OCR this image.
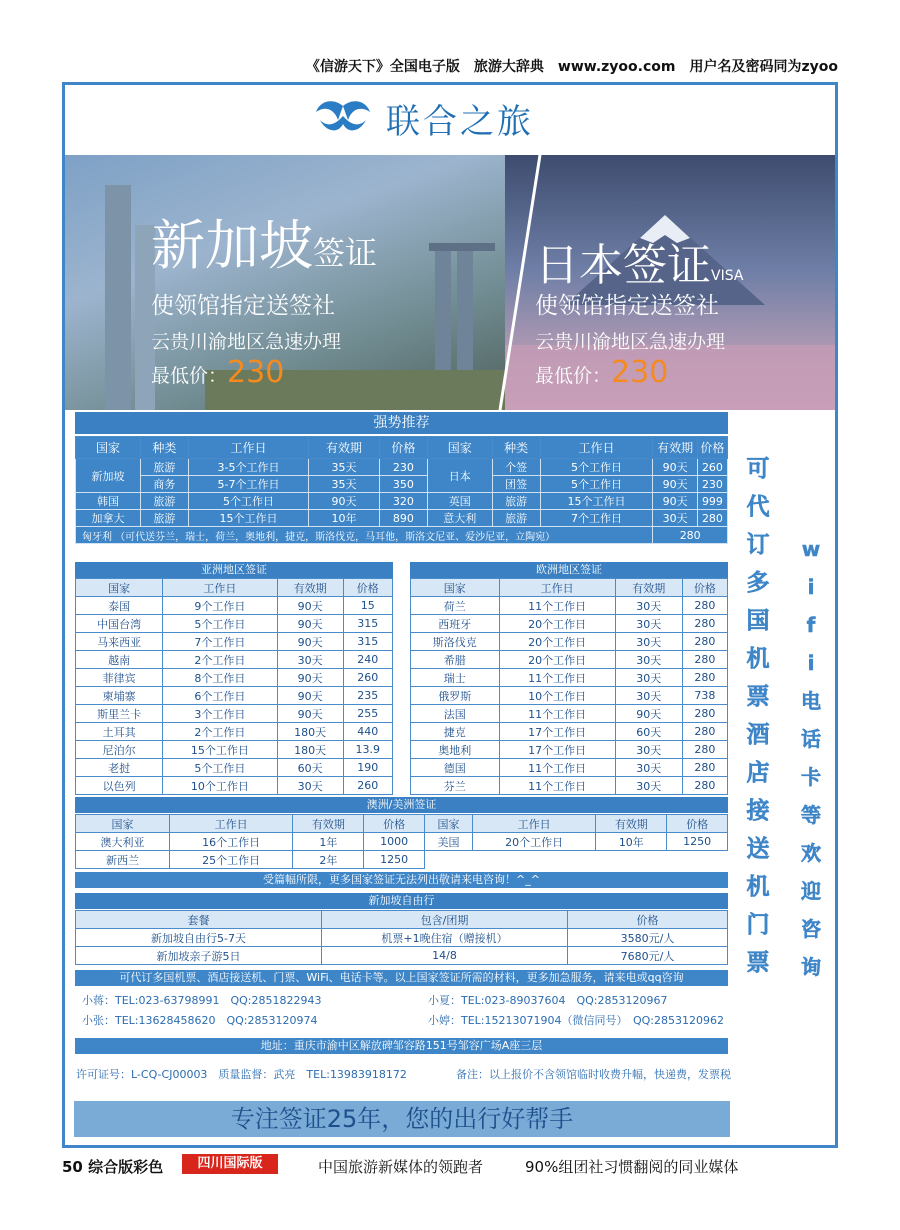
《信游天下》全国电子版　旅游大辞典　www.zyoo.com　用户名及密码同为zyoo
联合之旅
新加坡签证
使领馆指定送签社
云贵川渝地区急速办理
最低价：230
日本签证VISA
使领馆指定送签社
云贵川渝地区急速办理
最低价：230
强势推荐
国家	种类	工作日	有效期	价格	国家	种类	工作日	有效期	价格
新加坡	旅游	3-5个工作日	35天	230	日本	个签	5个工作日	90天	260
	商务	5-7个工作日	35天	350		团签	5个工作日	90天	230
韩国	旅游	5个工作日	90天	320	英国	旅游	15个工作日	90天	999
加拿大	旅游	15个工作日	10年	890	意大利	旅游	7个工作日	30天	280
匈牙利 （可代送芬兰，瑞士，荷兰，奥地利，捷克，斯洛伐克，马耳他，斯洛文尼亚、爱沙尼亚，立陶宛）								280	
亚洲地区签证
国家	工作日	有效期	价格
泰国	9个工作日	90天	15
中国台湾	5个工作日	90天	315
马来西亚	7个工作日	90天	315
越南	2个工作日	30天	240
菲律宾	8个工作日	90天	260
柬埔寨	6个工作日	90天	235
斯里兰卡	3个工作日	90天	255
土耳其	2个工作日	180天	440
尼泊尔	15个工作日	180天	13.9
老挝	5个工作日	60天	190
以色列	10个工作日	30天	260
欧洲地区签证
国家	工作日	有效期	价格
荷兰	11个工作日	30天	280
西班牙	20个工作日	30天	280
斯洛伐克	20个工作日	30天	280
希腊	20个工作日	30天	280
瑞士	11个工作日	30天	280
俄罗斯	10个工作日	30天	738
法国	11个工作日	90天	280
捷克	17个工作日	60天	280
奥地利	17个工作日	30天	280
德国	11个工作日	30天	280
芬兰	11个工作日	30天	280
澳洲/美洲签证
国家	工作日	有效期	价格	国家	工作日	有效期	价格
澳大利亚	16个工作日	1年	1000	美国	20个工作日	10年	1250
新西兰	25个工作日	2年	1250				
受篇幅所限，更多国家签证无法列出敬请来电咨询！^_^
新加坡自由行
套餐	包含/团期	价格
新加坡自由行5-7天	机票+1晚住宿（赠接机）	3580元/人
新加坡亲子游5日	14/8	7680元/人
可代订多国机票、酒店接送机、门票、WiFi、电话卡等。以上国家签证所需的材料，更多加急服务，请来电或qq咨询
小蒋：TEL:023-63798991　QQ:2851822943	小夏：TEL:023-89037604　QQ:2853120967
小张：TEL:13628458620　QQ:2853120974	小婷：TEL:15213071904（微信同号）　QQ:2853120962
地址：重庆市渝中区解放碑邹容路151号邹容广场A座三层
许可证号：L-CQ-CJ00003　质量监督：武亮　TEL:13983918172	备注：以上报价不含领馆临时收费升幅，快递费，发票税
专注签证25年，您的出行好帮手
可
代
订
多
国
机
票
酒
店
接
送
机
门
票
w
i
f
i
电
话
卡
等
欢
迎
咨
询
50 综合版彩色	四川国际版	中国旅游新媒体的领跑者	90%组团社习惯翻阅的同业媒体
